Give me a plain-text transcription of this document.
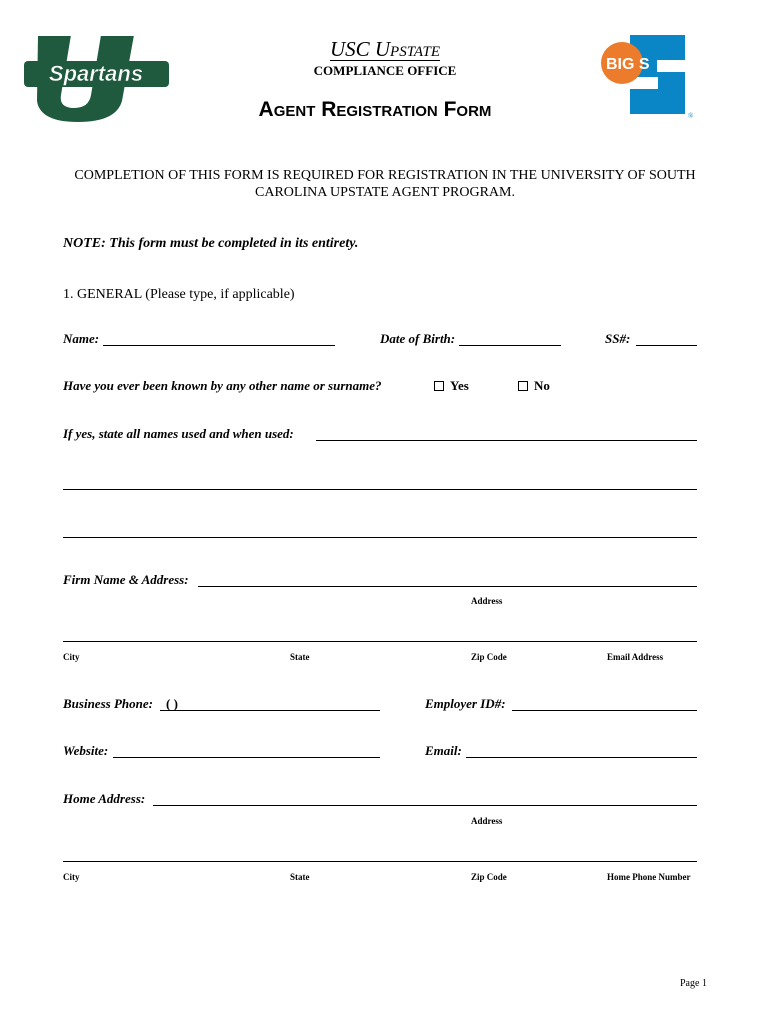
Spartans
USC Upstate

COMPLIANCE OFFICE
Agent Registration Form
BIG S
®
COMPLETION OF THIS FORM IS REQUIRED FOR REGISTRATION IN THE UNIVERSITY OF SOUTH CAROLINA UPSTATE AGENT PROGRAM.
NOTE: This form must be completed in its entirety.
1. GENERAL (Please type, if applicable)
Name:	Date of Birth:	SS#:
Have you ever been known by any other name or surname?	Yes	No
If yes, state all names used and when used:
Firm Name & Address:
Address
City	State	Zip Code	Email Address
Business Phone: ( )	Employer ID#:
Website:	Email:
Home Address:
Address
City	State	Zip Code	Home Phone Number
Page 1
